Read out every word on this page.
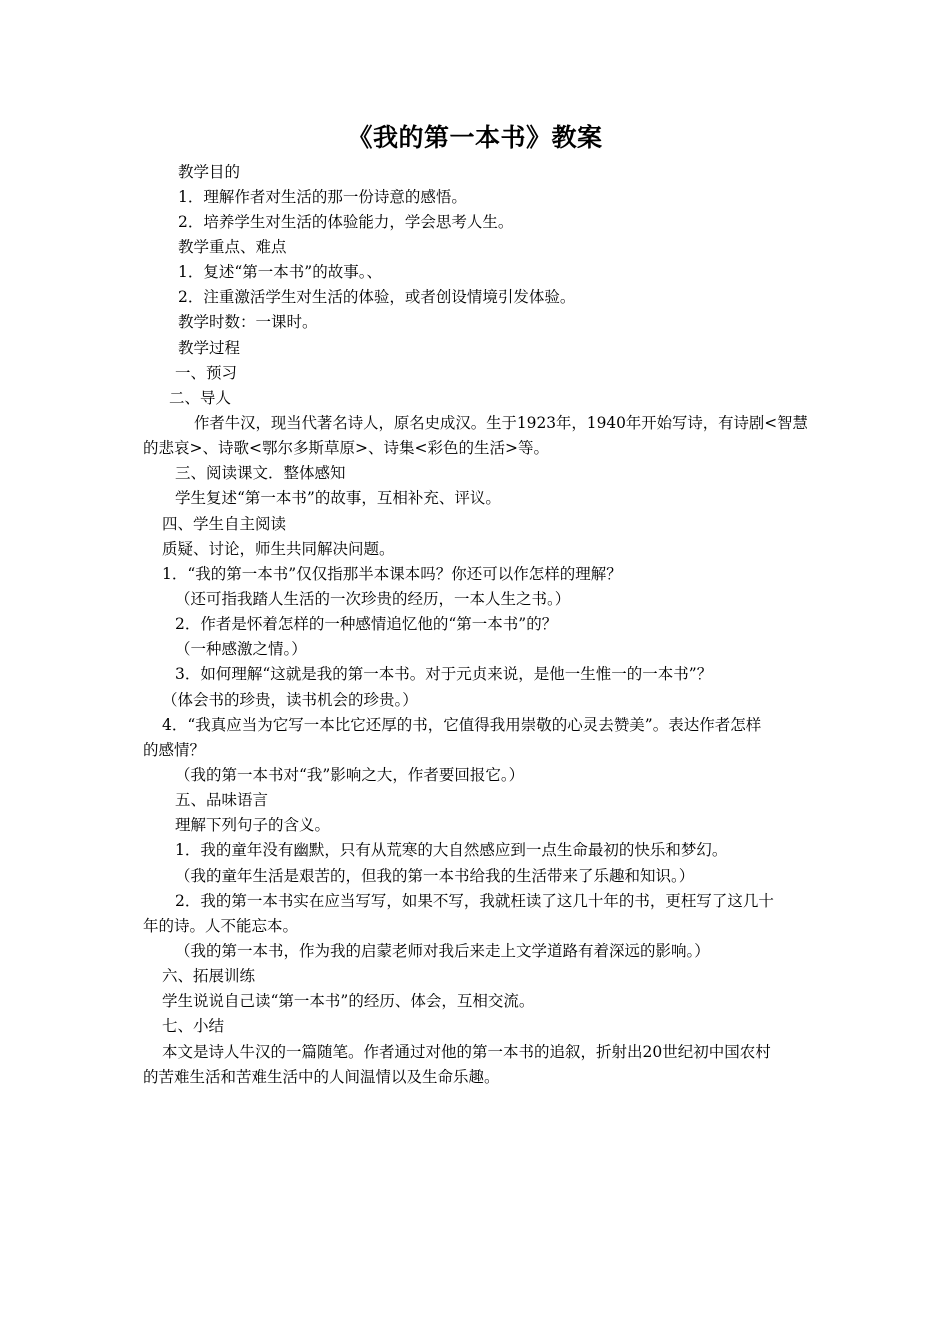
《我的第一本书》教案
教学目的
1．理解作者对生活的那一份诗意的感悟。
2．培养学生对生活的体验能力，学会思考人生。
教学重点、难点
1．复述“第一本书”的故事。、
2．注重激活学生对生活的体验，或者创设情境引发体验。
教学时数：一课时。
教学过程
一、预习
二、导人
作者牛汉，现当代著名诗人，原名史成汉。生于1923年，1940年开始写诗，有诗剧<智慧
的悲哀>、诗歌<鄂尔多斯草原>、诗集<彩色的生活>等。
三、阅读课文．整体感知
学生复述“第一本书”的故事，互相补充、评议。
四、学生自主阅读
质疑、讨论，师生共同解决问题。
1．“我的第一本书”仅仅指那半本课本吗？你还可以作怎样的理解？
（还可指我踏人生活的一次珍贵的经历，一本人生之书。）
2．作者是怀着怎样的一种感情追忆他的“第一本书”的？
（一种感激之情。）
3．如何理解“这就是我的第一本书。对于元贞来说，是他一生惟一的一本书”？
（体会书的珍贵，读书机会的珍贵。）
4．“我真应当为它写一本比它还厚的书，它值得我用崇敬的心灵去赞美”。表达作者怎样
的感情？
（我的第一本书对“我”影响之大，作者要回报它。）
五、品味语言
理解下列句子的含义。
1．我的童年没有幽默，只有从荒寒的大自然感应到一点生命最初的快乐和梦幻。
（我的童年生活是艰苦的，但我的第一本书给我的生活带来了乐趣和知识。）
2．我的第一本书实在应当写写，如果不写，我就枉读了这几十年的书，更枉写了这几十
年的诗。人不能忘本。
（我的第一本书，作为我的启蒙老师对我后来走上文学道路有着深远的影响。）
六、拓展训练
学生说说自己读“第一本书”的经历、体会，互相交流。
七、小结
本文是诗人牛汉的一篇随笔。作者通过对他的第一本书的追叙，折射出20世纪初中国农村
的苦难生活和苦难生活中的人间温情以及生命乐趣。
